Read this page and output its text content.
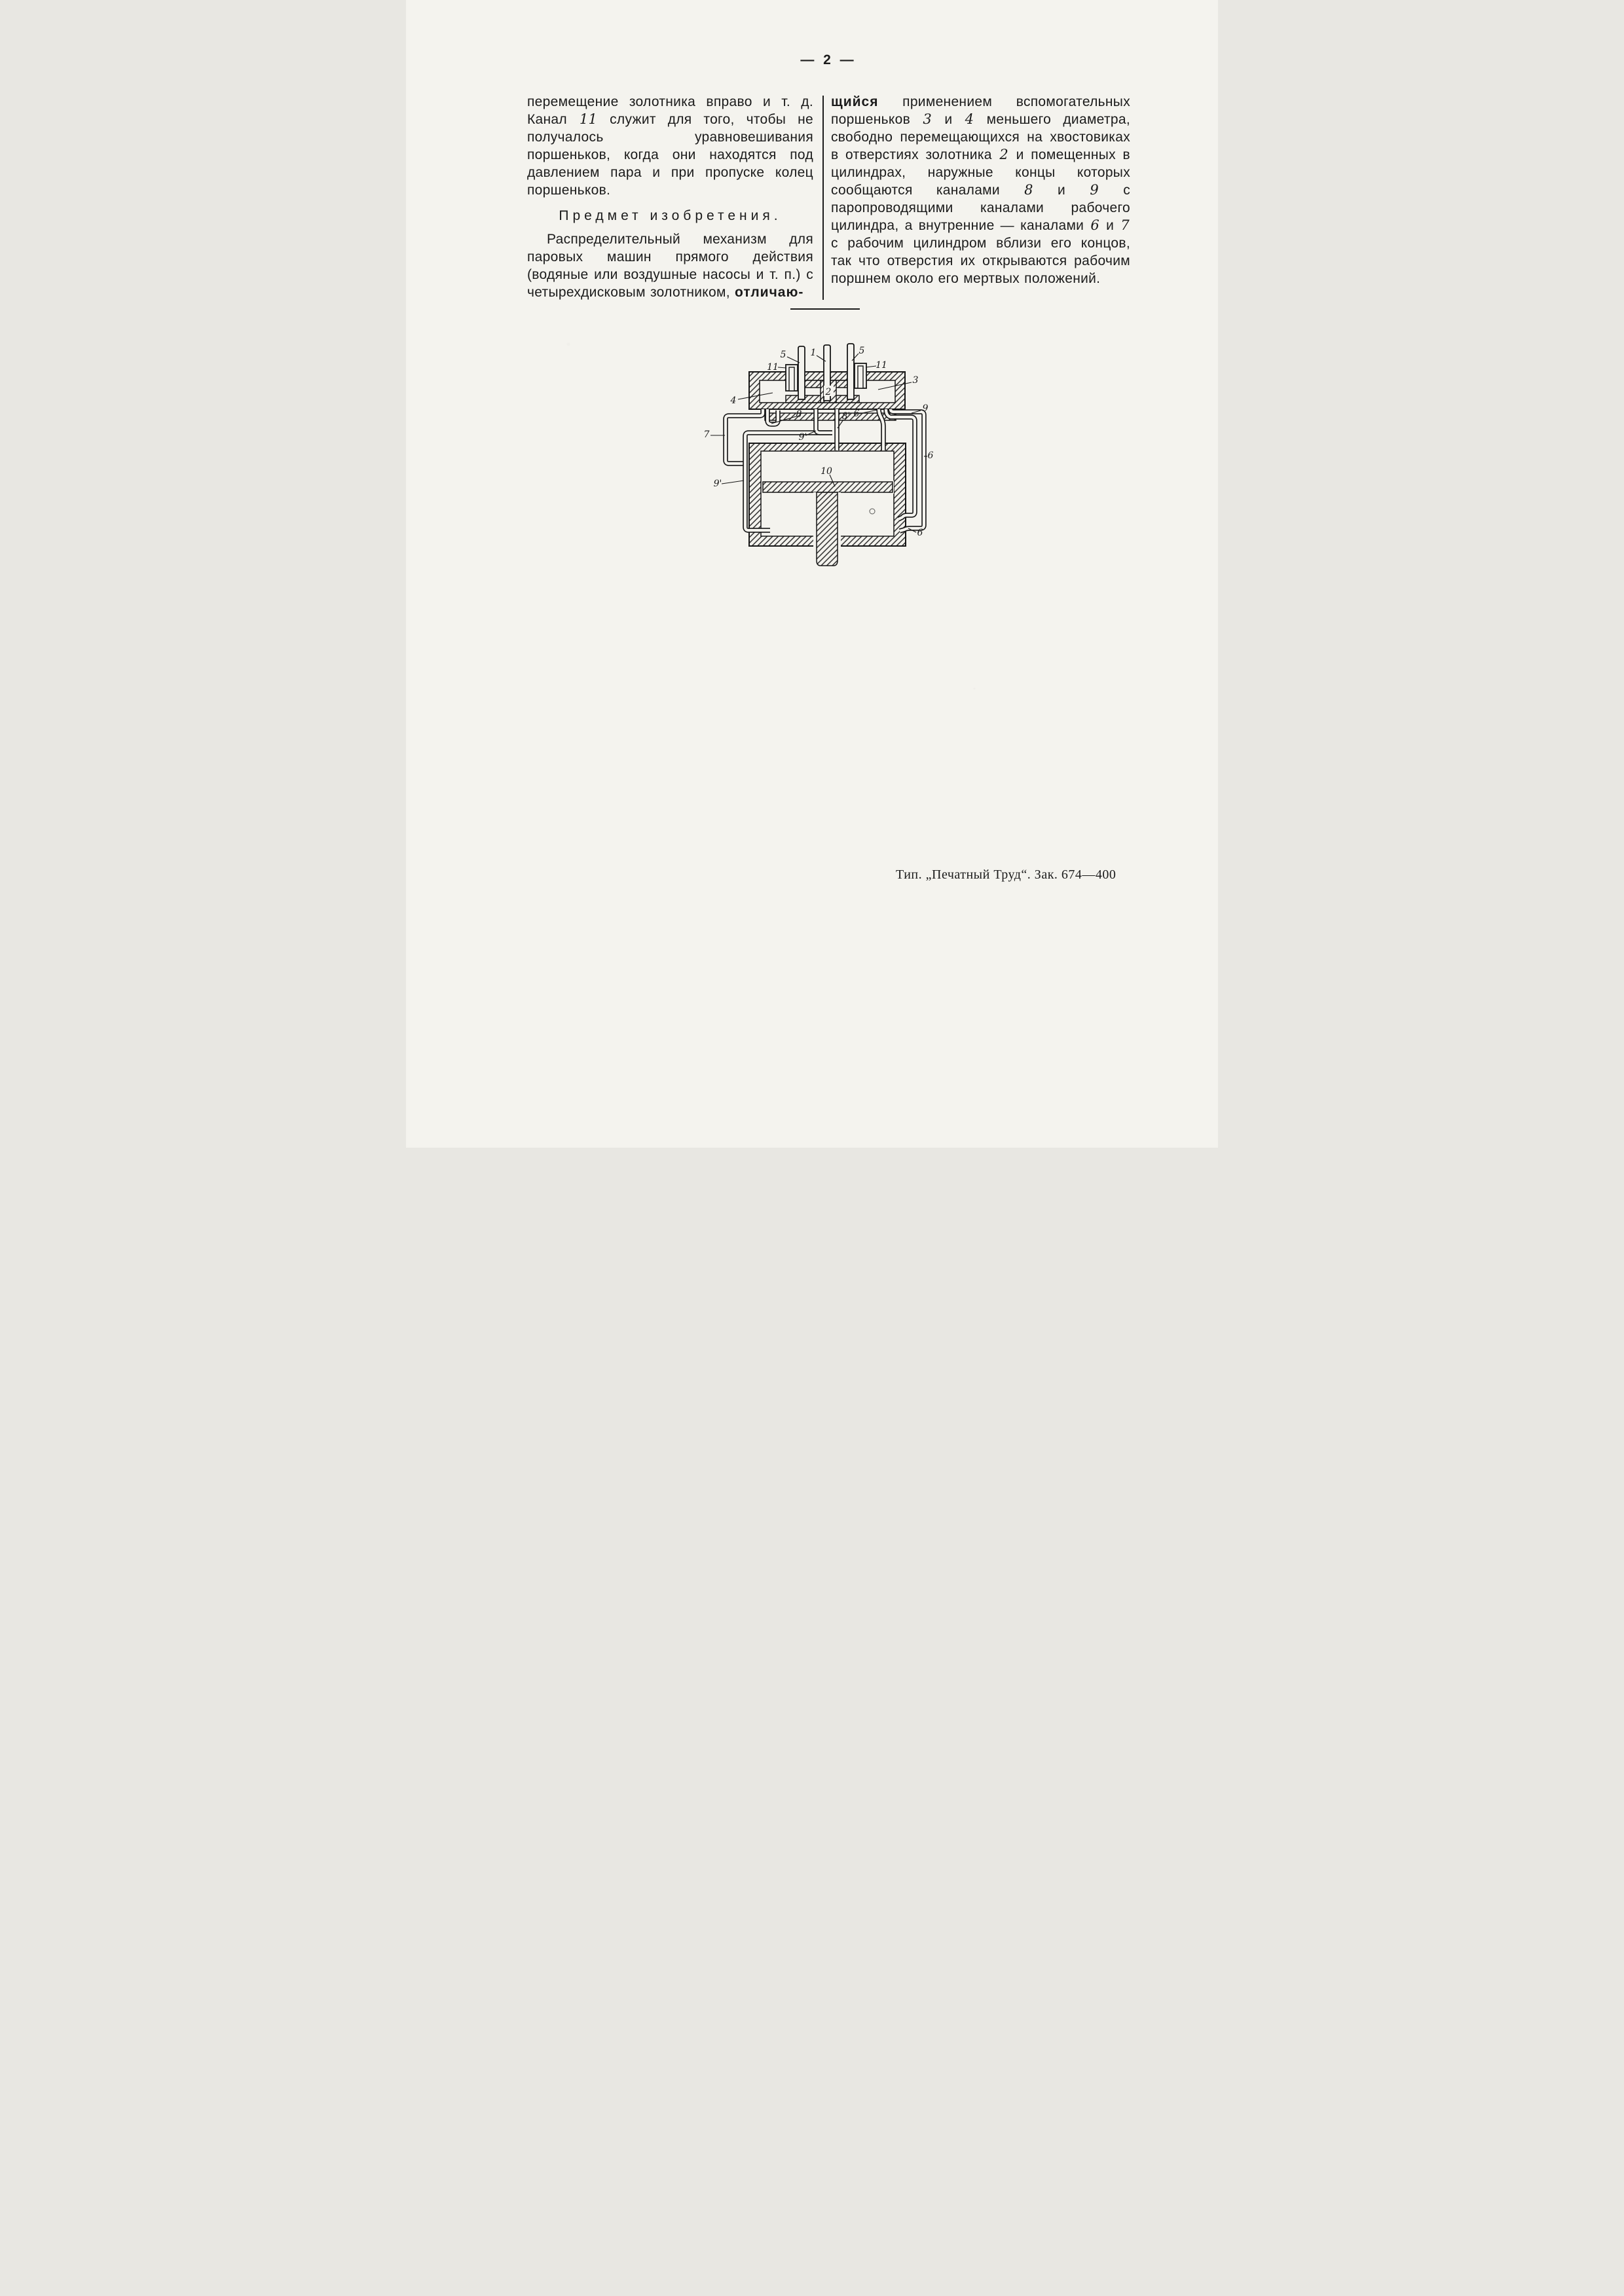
— 2 —

перемещение золотника вправо и т. д. Канал 11 служит для того, чтобы не получалось уравновешивания поршеньков, когда они находятся под давлением пара и при пропуске колец поршеньков.

Предмет изобретения.

Распределительный механизм для паровых машин прямого действия (водяные или воздушные насосы и т. п.) с четырехдисковым золотником, отличаю-

щийся применением вспомогательных поршеньков 3 и 4 меньшего диаметра, свободно перемещающихся на хвостовиках в отверстиях золотника 2 и помещенных в цилиндрах, наружные концы которых сообщаются каналами 8 и 9 с паропроводящими каналами рабочего цилиндра, а внутренние — каналами 6 и 7 с рабочим цилиндром вблизи его концов, так что отверстия их открываются рабочим поршнем около его мертвых положений.

5	1	5
11	11
3
4
2
8	8' 6	9
7	9'
6
9'
10
6
Тип. „Печатный Труд“. Зак. 674—400
